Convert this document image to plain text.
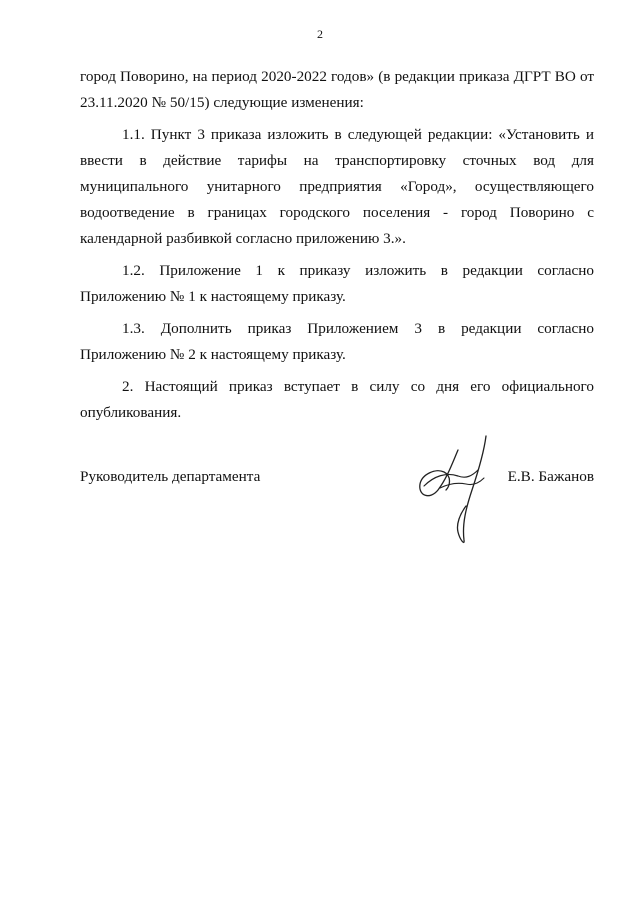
2

город Поворино, на период 2020-2022 годов» (в редакции приказа ДГРТ ВО от 23.11.2020 № 50/15) следующие изменения:

1.1. Пункт 3 приказа изложить в следующей редакции: «Установить и ввести в действие тарифы на транспортировку сточных вод для муниципального унитарного предприятия «Город», осуществляющего водоотведение в границах городского поселения - город Поворино с календарной разбивкой согласно приложению 3.».

1.2. Приложение 1 к приказу изложить в редакции согласно Приложению № 1 к настоящему приказу.

1.3. Дополнить приказ Приложением 3 в редакции согласно Приложению № 2 к настоящему приказу.

2. Настоящий приказ вступает в силу со дня его официального опубликования.

Руководитель департамента	Е.В. Бажанов
